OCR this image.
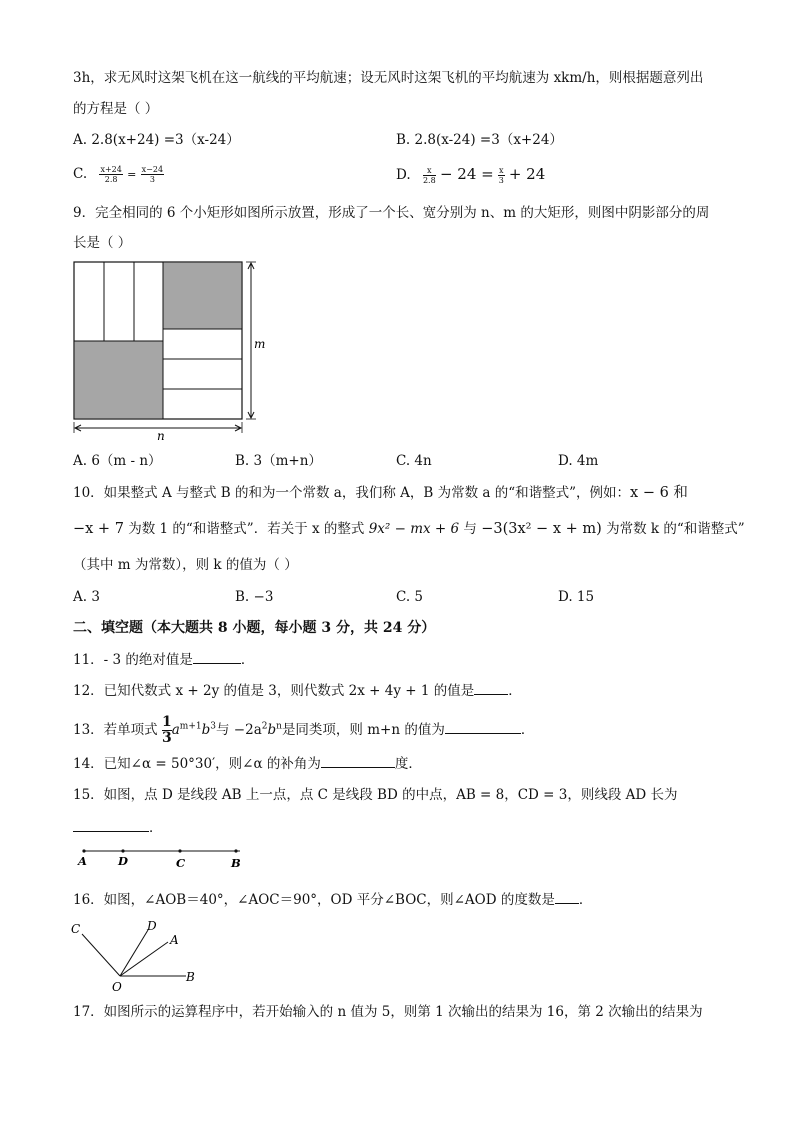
3h，求无风时这架飞机在这一航线的平均航速；设无风时这架飞机的平均航速为 xkm/h，则根据题意列出
的方程是（ ）
A. 2.8(x+24) =3（x-24）	B. 2.8(x-24) =3（x+24）
C. $\frac{x+24}{2.8} = \frac{x-24}{3}$	D. $\frac{x}{2.8} - 24 = \frac{x}{3} + 24$
9．完全相同的 6 个小矩形如图所示放置，形成了一个长、宽分别为 n、m 的大矩形，则图中阴影部分的周
长是（ ）
m
n
A. 6（m - n）	B. 3（m+n）	C. 4n	D. 4m
10．如果整式 A 与整式 B 的和为一个常数 a，我们称 A，B 为常数 a 的“和谐整式”，例如：x − 6 和
−x + 7 为数 1 的“和谐整式”．若关于 x 的整式 9x² − mx + 6 与 −3(3x² − x + m) 为常数 k 的“和谐整式”
（其中 m 为常数），则 k 的值为（ ）
A. 3	B. −3	C. 5	D. 15
二、填空题（本大题共 8 小题，每小题 3 分，共 24 分）
11．- 3 的绝对值是	．
12．已知代数式 x + 2y 的值是 3，则代数式 2x + 4y + 1 的值是	．
13．若单项式 $\frac{1}{3} a^{m+1}b^3$与 $-2a^2b^n$是同类项，则 m+n 的值为	．
14．已知∠α = 50°30′，则∠α 的补角为	度．
15．如图，点 D 是线段 AB 上一点，点 C 是线段 BD 的中点，AB = 8，CD = 3，则线段 AD 长为
．
A	D	C	B
16．如图，∠AOB＝40°，∠AOC＝90°，OD 平分∠BOC，则∠AOD 的度数是 ．
C	D
A
B
O
17．如图所示的运算程序中，若开始输入的 n 值为 5，则第 1 次输出的结果为 16，第 2 次输出的结果为
